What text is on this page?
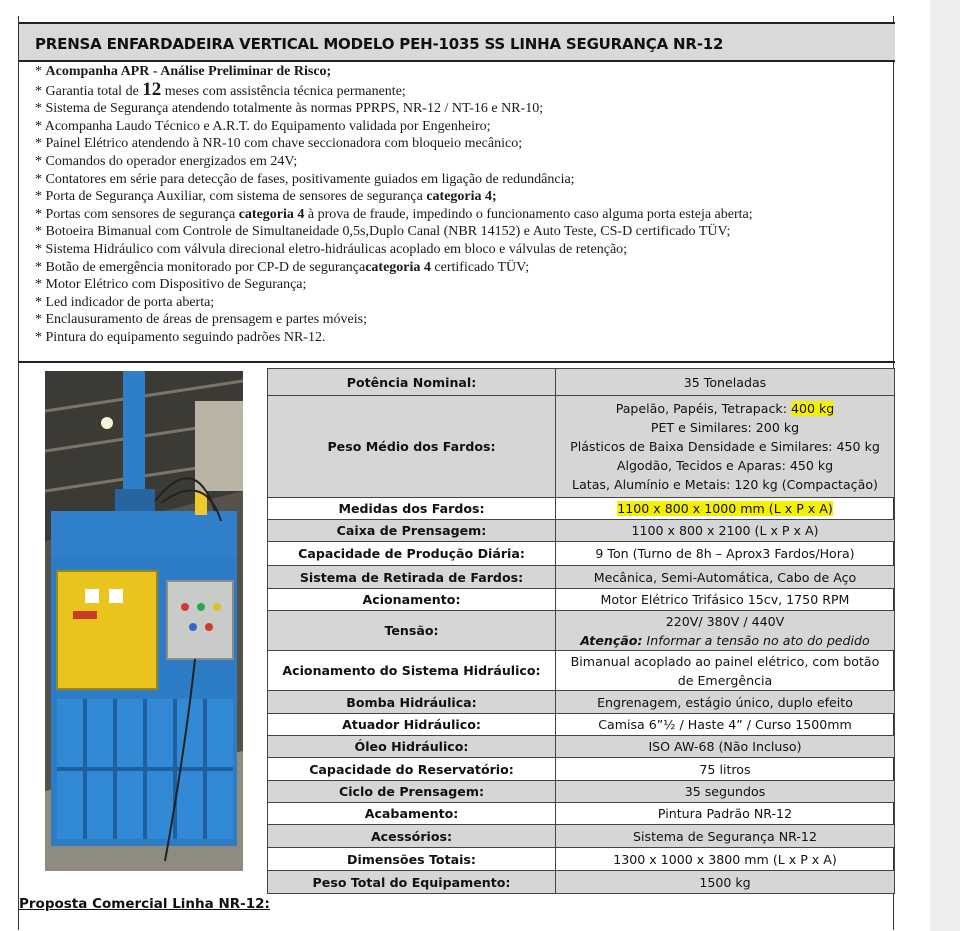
PRENSA ENFARDADEIRA VERTICAL MODELO PEH-1035 SS LINHA SEGURANÇA NR-12
* Acompanha APR - Análise Preliminar de Risco;
* Garantia total de 12 meses com assistência técnica permanente;
* Sistema de Segurança atendendo totalmente às normas PPRPS, NR-12 / NT-16 e NR-10;
* Acompanha Laudo Técnico e A.R.T. do Equipamento validada por Engenheiro;
* Painel Elétrico atendendo à NR-10 com chave seccionadora com bloqueio mecânico;
* Comandos do operador energizados em 24V;
* Contatores em série para detecção de fases, positivamente guiados em ligação de redundância;
* Porta de Segurança Auxiliar, com sistema de sensores de segurança categoria 4;
* Portas com sensores de segurança categoria 4 à prova de fraude, impedindo o funcionamento caso alguma porta esteja aberta;
* Botoeira Bimanual com Controle de Simultaneidade 0,5s,Duplo Canal (NBR 14152) e Auto Teste, CS-D certificado TÜV;
* Sistema Hidráulico com válvula direcional eletro-hidráulicas acoplado em bloco e válvulas de retenção;
* Botão de emergência monitorado por CP-D de segurançacategoria 4 certificado TÜV;
* Motor Elétrico com Dispositivo de Segurança;
* Led indicador de porta aberta;
* Enclausuramento de áreas de prensagem e partes móveis;
* Pintura do equipamento seguindo padrões NR-12.
Potência Nominal:	35 Toneladas

Peso Médio dos Fardos:	Papelão, Papéis, Tetrapack: 400 kg
PET e Similares: 200 kg
Plásticos de Baixa Densidade e Similares: 450 kg
Algodão, Tecidos e Aparas: 450 kg
Latas, Alumínio e Metais: 120 kg (Compactação)

Medidas dos Fardos:	1100 x 800 x 1000 mm (L x P x A)

Caixa de Prensagem:	1100 x 800 x 2100 (L x P x A)

Capacidade de Produção Diária:	9 Ton (Turno de 8h – Aprox3 Fardos/Hora)

Sistema de Retirada de Fardos:	Mecânica, Semi-Automática, Cabo de Aço

Acionamento:	Motor Elétrico Trifásico 15cv, 1750 RPM

Tensão:	220V/ 380V / 440V
Atenção: Informar a tensão no ato do pedido

Acionamento do Sistema Hidráulico:	Bimanual acoplado ao painel elétrico, com botão
de Emergência

Bomba Hidráulica:	Engrenagem, estágio único, duplo efeito

Atuador Hidráulico:	Camisa 6”½ / Haste 4” / Curso 1500mm

Óleo Hidráulico:	ISO AW-68 (Não Incluso)

Capacidade do Reservatório:	75 litros

Ciclo de Prensagem:	35 segundos

Acabamento:	Pintura Padrão NR-12

Acessórios:	Sistema de Segurança NR-12

Dimensões Totais:	1300 x 1000 x 3800 mm (L x P x A)

Peso Total do Equipamento:	1500 kg
Proposta Comercial Linha NR-12:
